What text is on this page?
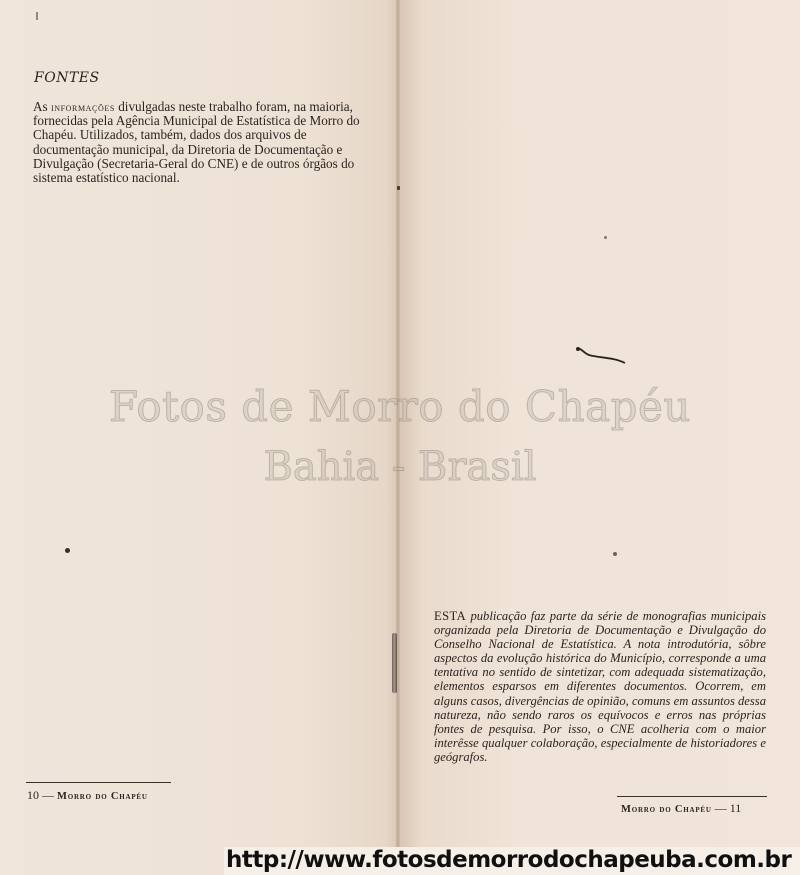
FONTES
As informações divulgadas neste trabalho foram, na maioria, fornecidas pela Agência Municipal de Estatística de Morro do Chapéu. Utilizados, também, dados dos arquivos de documentação municipal, da Diretoria de Documentação e Divulgação (Secretaria-Geral do CNE) e de outros órgãos do sistema estatístico nacional.
10 — Morro do Chapéu
ESTA publicação faz parte da série de monografias municipais organizada pela Diretoria de Documentação e Divulgação do Conselho Nacional de Estatística. A nota introdutória, sôbre aspectos da evolução histórica do Município, corresponde a uma tentativa no sentido de sintetizar, com adequada sistematização, elementos esparsos em diferentes documentos. Ocorrem, em alguns casos, divergências de opinião, comuns em assuntos dessa natureza, não sendo raros os equívocos e erros nas próprias fontes de pesquisa. Por isso, o CNE acolheria com o maior interêsse qualquer colaboração, especialmente de historiadores e geógrafos.
Morro do Chapéu — 11
Fotos de Morro do Chapéu
Bahia - Brasil
http://www.fotosdemorrodochapeuba.com.br
